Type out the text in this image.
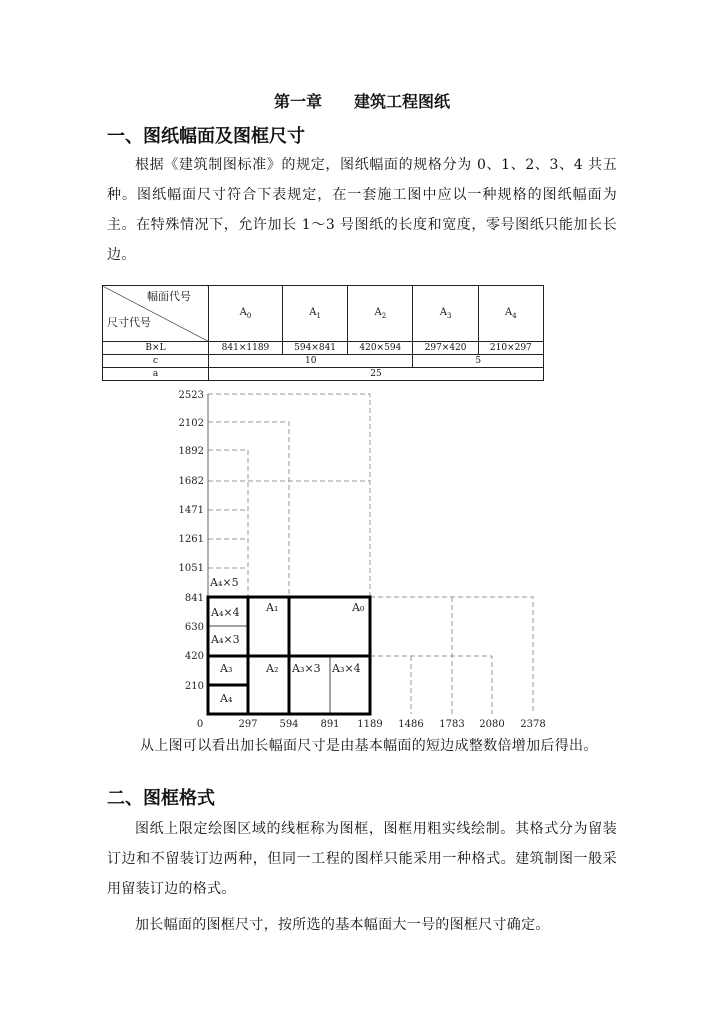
第一章　　建筑工程图纸
一、图纸幅面及图框尺寸
根据《建筑制图标准》的规定，图纸幅面的规格分为 0、1、2、3、4 共五种。图纸幅面尺寸符合下表规定，在一套施工图中应以一种规格的图纸幅面为主。在特殊情况下，允许加长 1～3 号图纸的长度和宽度，零号图纸只能加长长边。
幅面代号
尺寸代号	$A_0$	$A_1$	$A_2$	$A_3$	$A_4$
B×L	841×1189	594×841	420×594	297×420	210×297
c	10			5	
a	25				
2523
2102
1892
1682
1471
1261
1051
841
630
420
210
0	297 594 891 1189 1486 1783 2080 2378
A₄×5
A₄×4
A₄×3
A₁	A₀
A₃	A₂ A₃×3 A₃×4
A₄
从上图可以看出加长幅面尺寸是由基本幅面的短边成整数倍增加后得出。
二、图框格式
图纸上限定绘图区域的线框称为图框，图框用粗实线绘制。其格式分为留装订边和不留装订边两种，但同一工程的图样只能采用一种格式。建筑制图一般采用留装订边的格式。
加长幅面的图框尺寸，按所选的基本幅面大一号的图框尺寸确定。
